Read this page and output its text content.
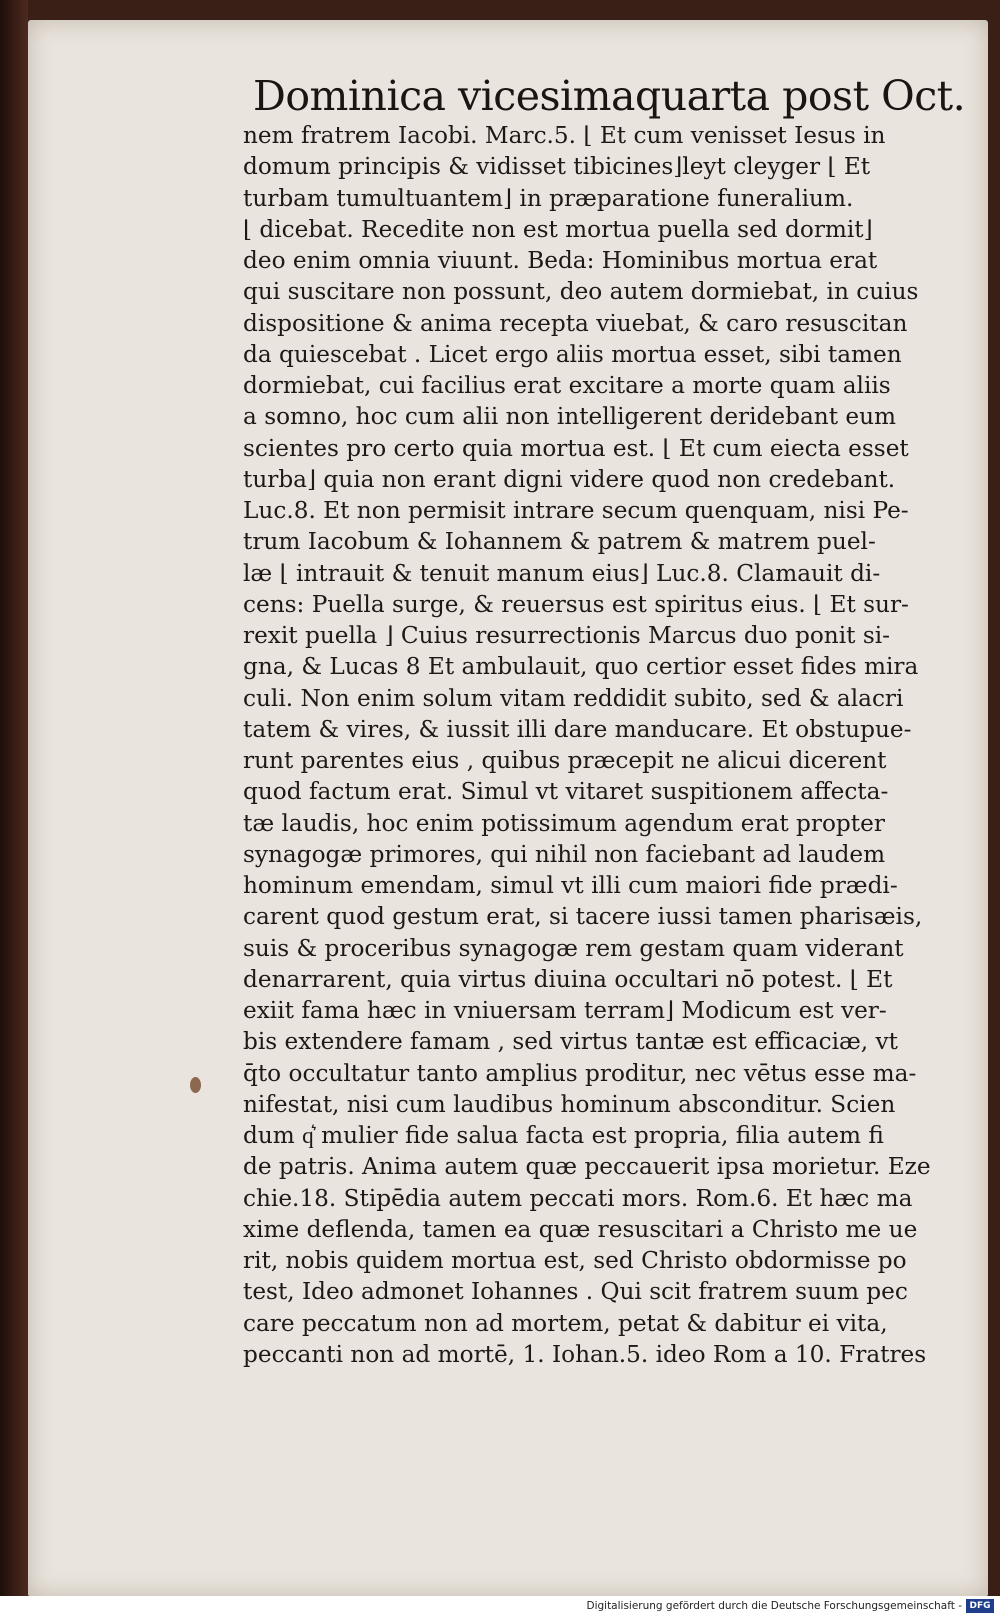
Dominica vicesimaquarta post Oct.
nem fratrem Iacobi. Marc.5. ⌊ Et cum venisset Iesus in
domum principis & vidisset tibicines⌋leyt cleyger ⌊ Et
turbam tumultuantem⌋ in præparatione funeralium.
⌊ dicebat. Recedite non est mortua puella sed dormit⌋
deo enim omnia viuunt. Beda: Hominibus mortua erat
qui suscitare non possunt, deo autem dormiebat, in cuius
dispositione & anima recepta viuebat, & caro resuscitan
da quiescebat . Licet ergo aliis mortua esset, sibi tamen
dormiebat, cui facilius erat excitare a morte quam aliis
a somno, hoc cum alii non intelligerent deridebant eum
scientes pro certo quia mortua est. ⌊ Et cum eiecta esset
turba⌋ quia non erant digni videre quod non credebant.
Luc.8. Et non permisit intrare secum quenquam, nisi Pe-
trum Iacobum & Iohannem & patrem & matrem puel-
læ ⌊ intrauit & tenuit manum eius⌋ Luc.8. Clamauit di-
cens: Puella surge, & reuersus est spiritus eius. ⌊ Et sur-
rexit puella ⌋ Cuius resurrectionis Marcus duo ponit si-
gna, & Lucas 8 Et ambulauit, quo certior esset fides mira
culi. Non enim solum vitam reddidit subito, sed & alacri
tatem & vires, & iussit illi dare manducare. Et obstupue-
runt parentes eius , quibus præcepit ne alicui dicerent
quod factum erat. Simul vt vitaret suspitionem affecta-
tæ laudis, hoc enim potissimum agendum erat propter
synagogæ primores, qui nihil non faciebant ad laudem
hominum emendam, simul vt illi cum maiori fide prædi-
carent quod gestum erat, si tacere iussi tamen pharisæis,
suis & proceribus synagogæ rem gestam quam viderant
denarrarent, quia virtus diuina occultari nō potest. ⌊ Et
exiit fama hæc in vniuersam terram⌋ Modicum est ver-
bis extendere famam , sed virtus tantæ est efficaciæ, vt
q̄to occultatur tanto amplius proditur, nec vētus esse ma-
nifestat, nisi cum laudibus hominum absconditur. Scien
dum q͛ mulier fide salua facta est propria, filia autem fi
de patris. Anima autem quæ peccauerit ipsa morietur. Eze
chie.18. Stipēdia autem peccati mors. Rom.6. Et hæc ma
xime deflenda, tamen ea quæ resuscitari a Christo me ue
rit, nobis quidem mortua est, sed Christo obdormisse po
test, Ideo admonet Iohannes . Qui scit fratrem suum pec
care peccatum non ad mortem, petat & dabitur ei vita,
peccanti non ad mortē, 1. Iohan.5. ideo Rom a 10. Fratres

Digitalisierung gefördert durch die Deutsche Forschungsgemeinschaft - DFG
